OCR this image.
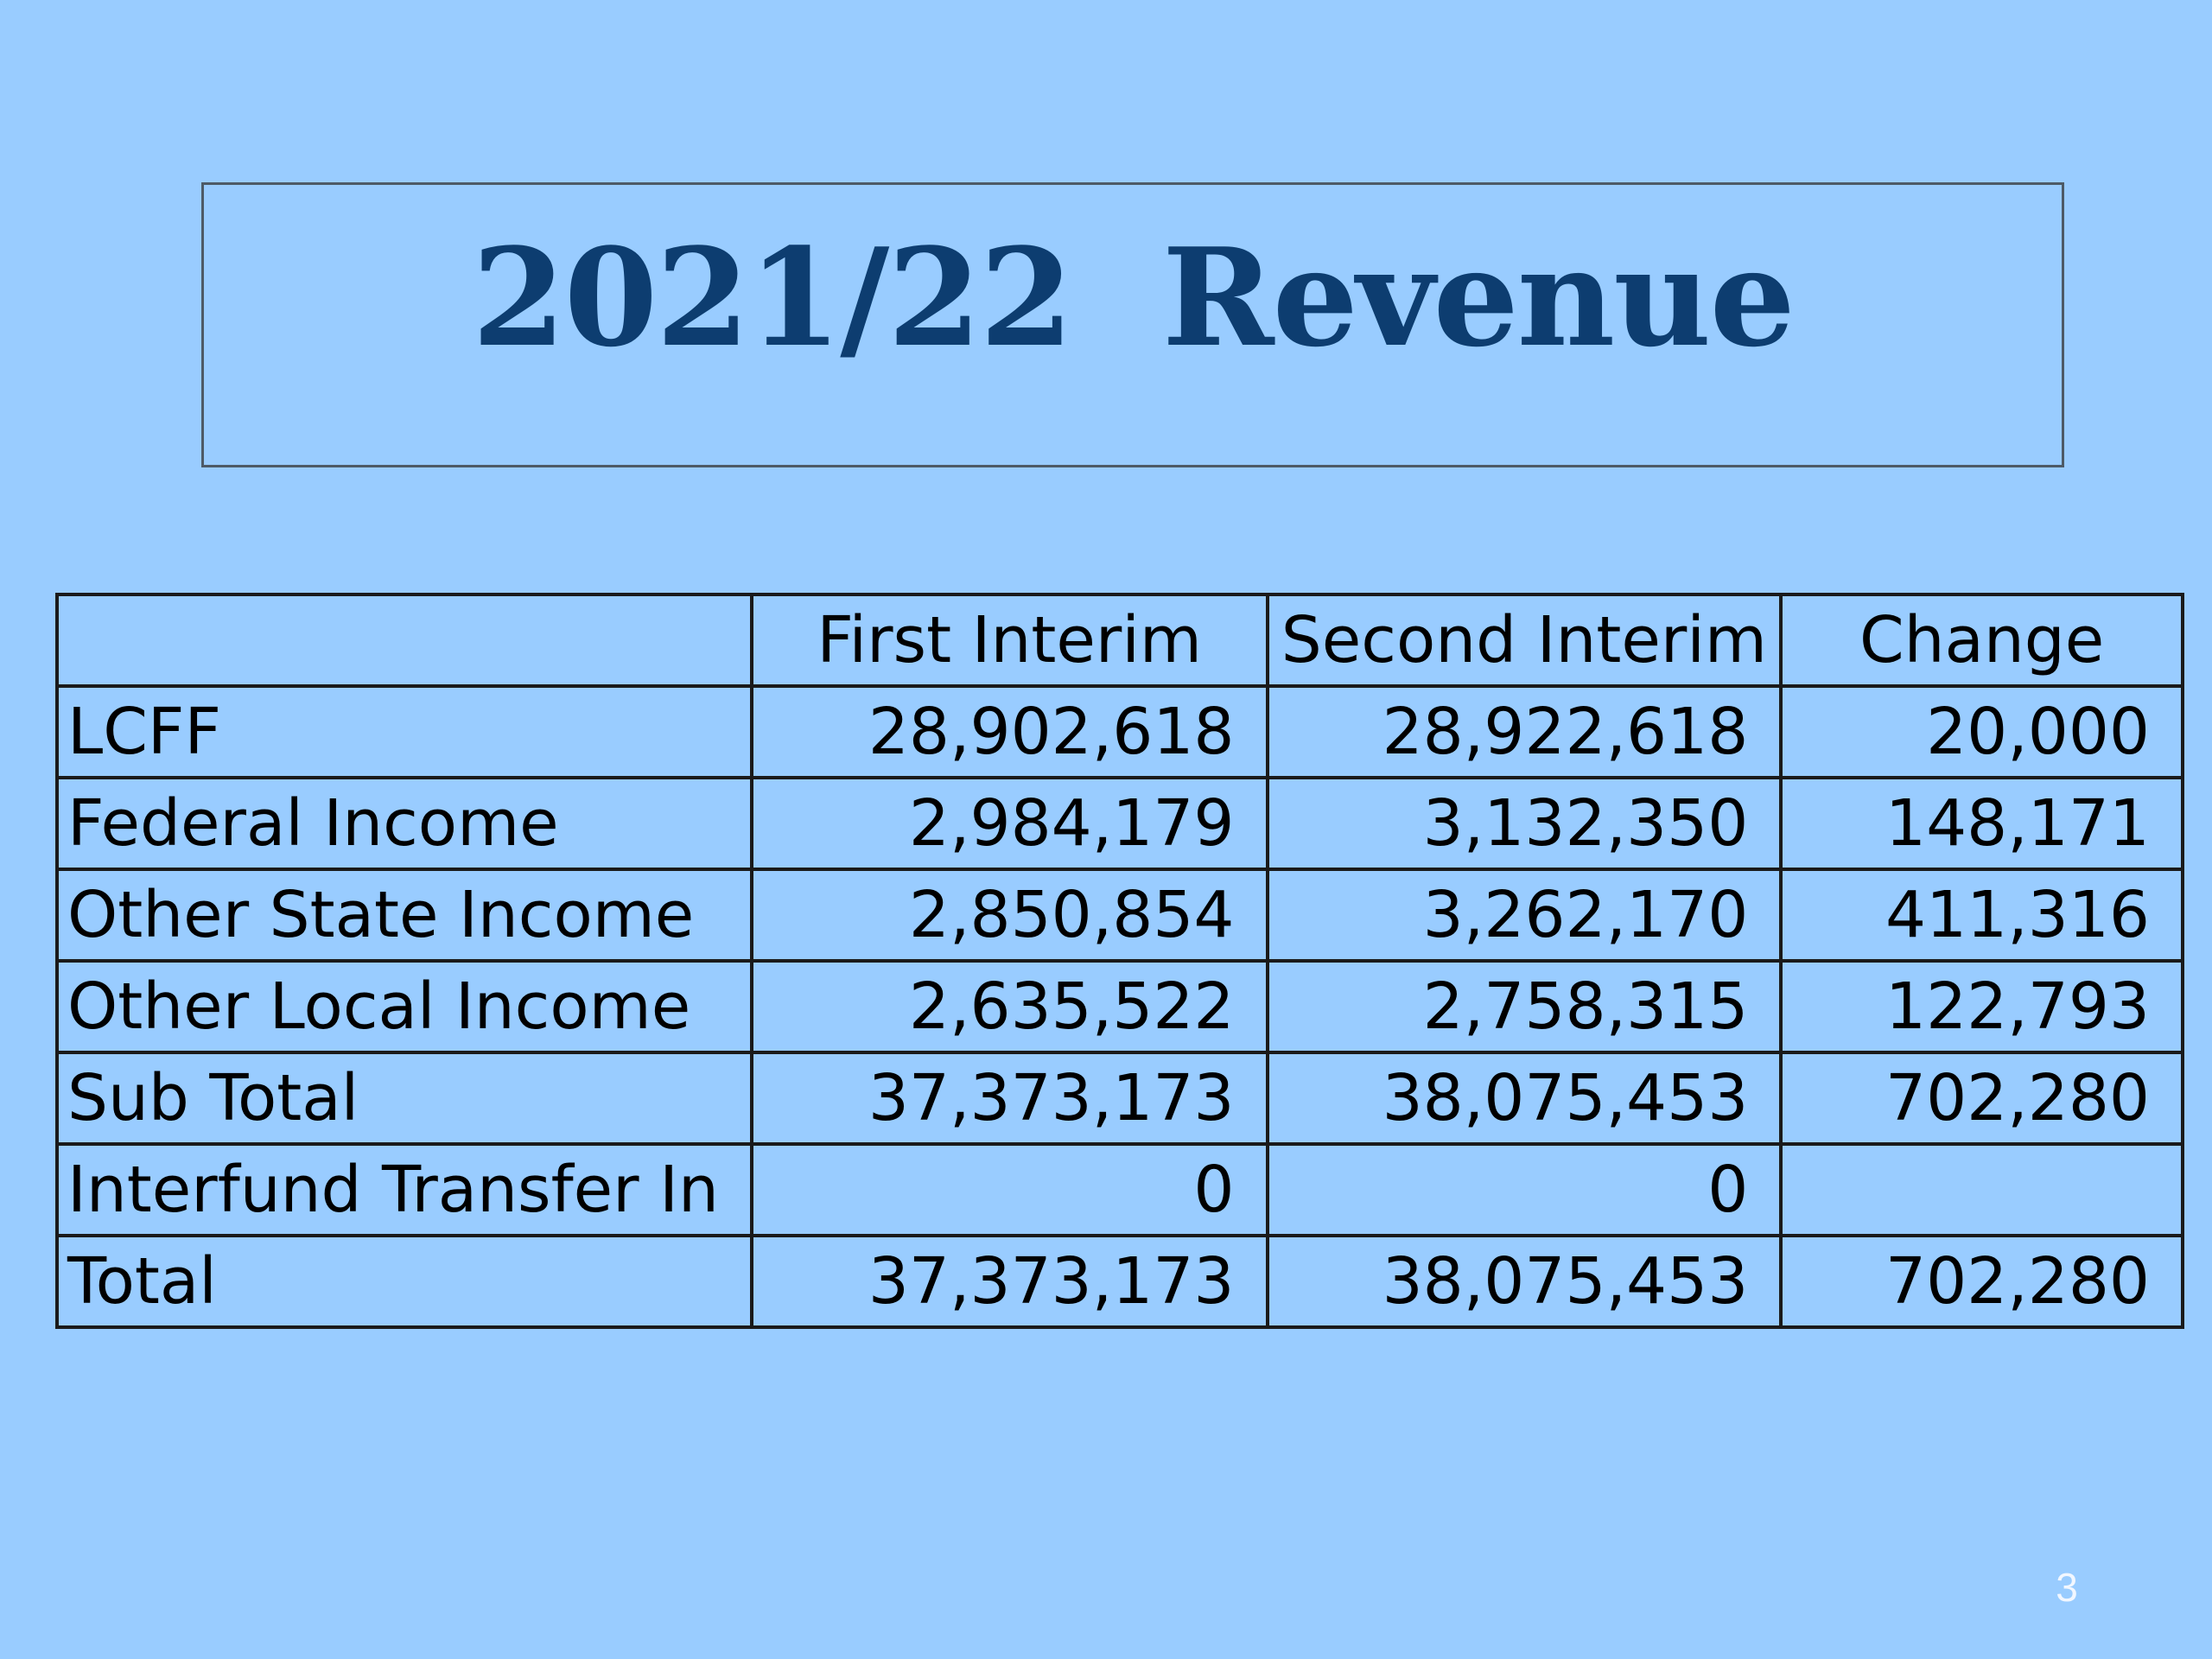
2021/22  Revenue
	First Interim	Second Interim	Change
LCFF	28,902,618	28,922,618	20,000
Federal Income	2,984,179	3,132,350	148,171
Other State Income	2,850,854	3,262,170	411,316
Other Local Income	2,635,522	2,758,315	122,793
Sub Total	37,373,173	38,075,453	702,280
Interfund Transfer In	0	0	
Total	37,373,173	38,075,453	702,280
3
